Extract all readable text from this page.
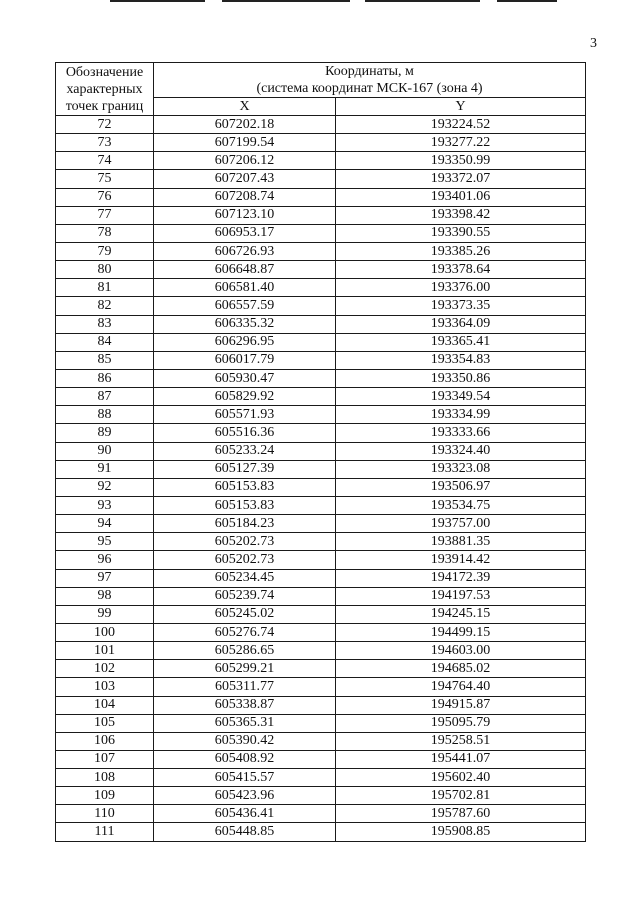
3
Обозначение
характерных
точек границ	Координаты, м
(система координат МСК-167 (зона 4)	

	X	Y
72	607202.18	193224.52
73	607199.54	193277.22
74	607206.12	193350.99
75	607207.43	193372.07
76	607208.74	193401.06
77	607123.10	193398.42
78	606953.17	193390.55
79	606726.93	193385.26
80	606648.87	193378.64
81	606581.40	193376.00
82	606557.59	193373.35
83	606335.32	193364.09
84	606296.95	193365.41
85	606017.79	193354.83
86	605930.47	193350.86
87	605829.92	193349.54
88	605571.93	193334.99
89	605516.36	193333.66
90	605233.24	193324.40
91	605127.39	193323.08
92	605153.83	193506.97
93	605153.83	193534.75
94	605184.23	193757.00
95	605202.73	193881.35
96	605202.73	193914.42
97	605234.45	194172.39
98	605239.74	194197.53
99	605245.02	194245.15
100	605276.74	194499.15
101	605286.65	194603.00
102	605299.21	194685.02
103	605311.77	194764.40
104	605338.87	194915.87
105	605365.31	195095.79
106	605390.42	195258.51
107	605408.92	195441.07
108	605415.57	195602.40
109	605423.96	195702.81
110	605436.41	195787.60
111	605448.85	195908.85
